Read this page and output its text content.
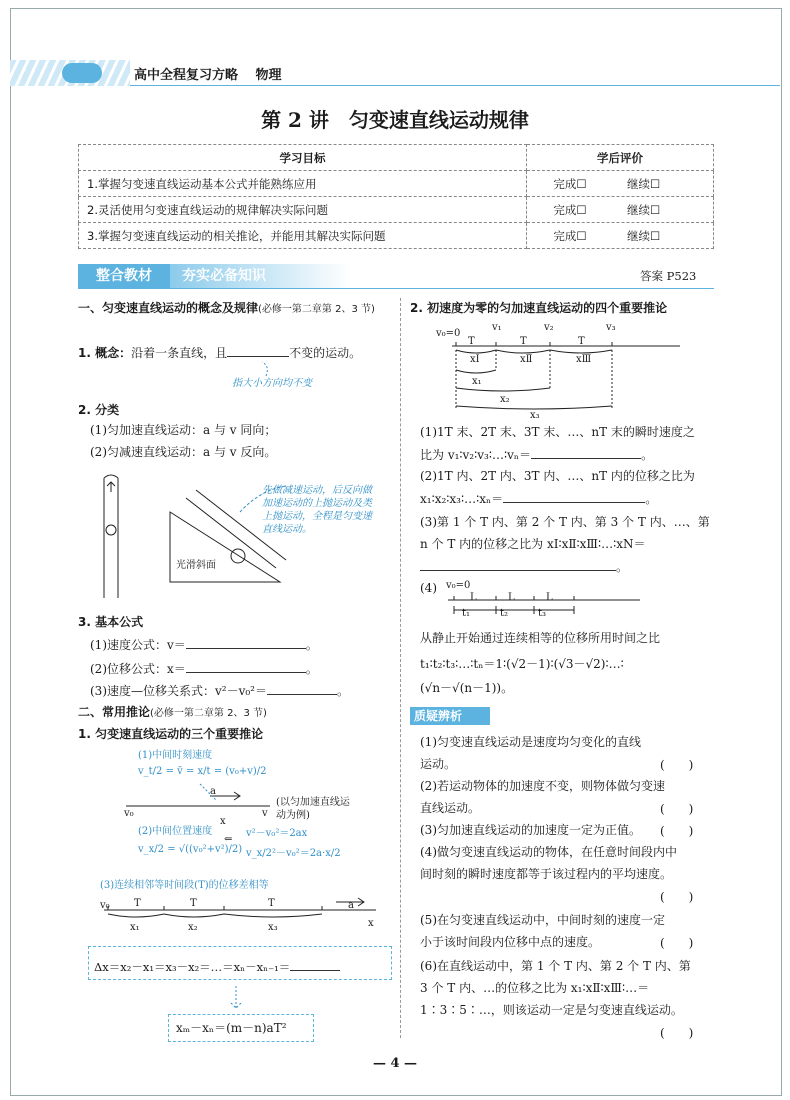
高中全程复习方略　 物理
第 2 讲　匀变速直线运动规律
学习目标	学后评价
1.掌握匀变速直线运动基本公式并能熟练应用	完成☐ 继续☐
2.灵活使用匀变速直线运动的规律解决实际问题	完成☐ 继续☐
3.掌握匀变速直线运动的相关推论，并能用其解决实际问题	完成☐ 继续☐
整合教材	夯实必备知识	答案 P523
一、匀变速直线运动的概念及规律(必修一第二章第 2、3 节)
1. 概念：沿着一条直线，且	不变的运动。
指大小方向均不变
2. 分类
(1)匀加速直线运动：a 与 v 同向；
(2)匀减速直线运动：a 与 v 反向。
先做减速运动，后反向做加速运动的上抛运动及类上抛运动，全程是匀变速直线运动。
光滑斜面
3. 基本公式
(1)速度公式：v＝	。
(2)位移公式：x＝	。
(3)速度—位移关系式：v²－v₀²＝	。
二、常用推论(必修一第二章第 2、3 节)
1. 匀变速直线运动的三个重要推论
(1)中间时刻速度
v_t/2 = v̄ = x/t = (v₀+v)/2
a
v₀	v
x
(以匀加速直线运动为例)
(2)中间位置速度
v_x/2 = √((v₀²+v²)/2)
⇐
v²－v₀²＝2ax
v_x/2²－v₀²＝2a·x/2
(3)连续相邻等时间段(T)的位移差相等
v₀ T	T	T	a
x₁	x₂	x₃	x
Δx＝x₂－x₁＝x₃－x₂＝…＝xₙ－xₙ₋₁＝
xₘ－xₙ＝(m－n)aT²
2. 初速度为零的匀加速直线运动的四个重要推论
v₀=0
v₁	v₂	v₃
T	T	T
xⅠ	xⅡ	xⅢ
x₁
x₂
x₃
(1)1T 末、2T 末、3T 末、…、nT 末的瞬时速度之
比为 v₁∶v₂∶v₃∶…∶vₙ＝	。
(2)1T 内、2T 内、3T 内、…、nT 内的位移之比为
x₁∶x₂∶x₃∶…∶xₙ＝	。
(3)第 1 个 T 内、第 2 个 T 内、第 3 个 T 内、…、第
n 个 T 内的位移之比为 xⅠ∶xⅡ∶xⅢ∶…∶xN＝
。
(4) v₀=0
L	L	L
t₁	t₂	t₃
从静止开始通过连续相等的位移所用时间之比
t₁∶t₂∶t₃∶…∶tₙ＝1∶(√2－1)∶(√3－√2)∶…∶
(√n－√(n－1))。
质疑辨析
(1)匀变速直线运动是速度均匀变化的直线
运动。	(　　)
(2)若运动物体的加速度不变，则物体做匀变速
直线运动。	(　　)
(3)匀加速直线运动的加速度一定为正值。 (　　)
(4)做匀变速直线运动的物体，在任意时间段内中
间时刻的瞬时速度都等于该过程内的平均速度。
(　　)
(5)在匀变速直线运动中，中间时刻的速度一定
小于该时间段内位移中点的速度。	(　　)
(6)在直线运动中，第 1 个 T 内、第 2 个 T 内、第
3 个 T 内、…的位移之比为 x₁∶xⅡ∶xⅢ∶…＝
1∶3∶5∶…，则该运动一定是匀变速直线运动。
(　　)
— 4 —
